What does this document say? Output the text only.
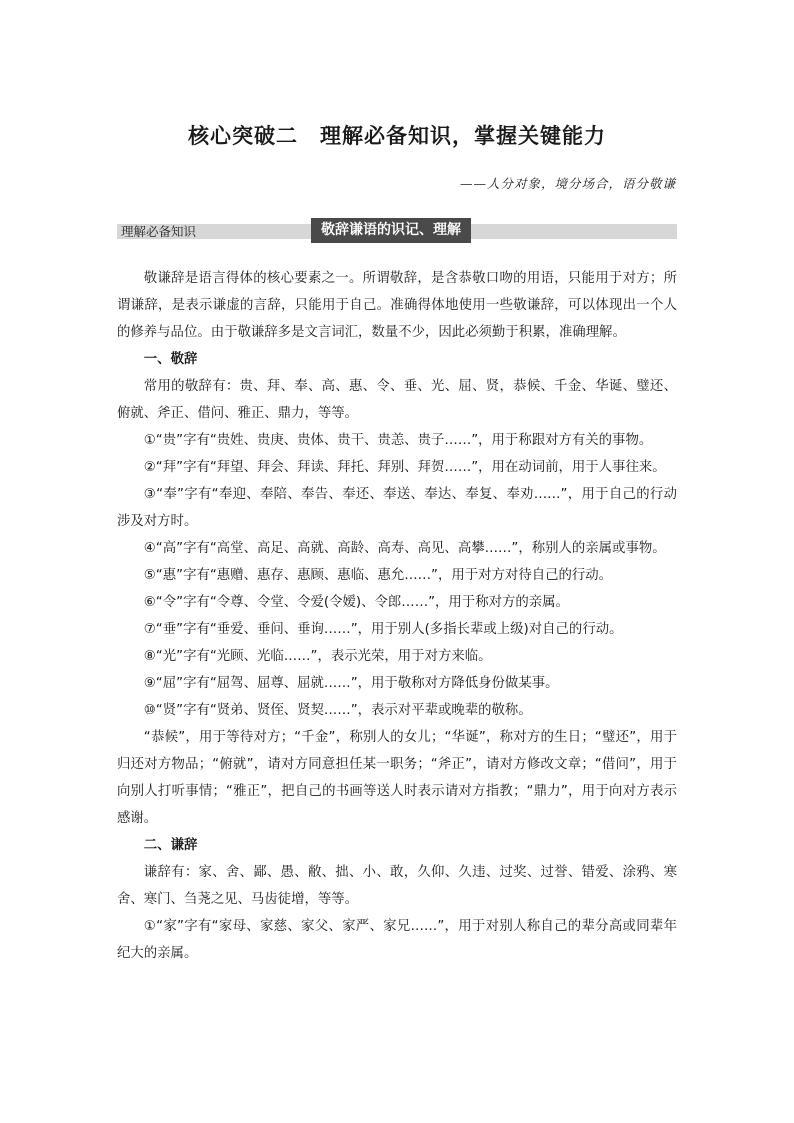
核心突破二　理解必备知识，掌握关键能力
——人分对象，境分场合，语分敬谦
理解必备知识	敬辞谦语的识记、理解

敬谦辞是语言得体的核心要素之一。所谓敬辞，是含恭敬口吻的用语，只能用于对方；所谓谦辞，是表示谦虚的言辞，只能用于自己。准确得体地使用一些敬谦辞，可以体现出一个人的修养与品位。由于敬谦辞多是文言词汇，数量不少，因此必须勤于积累，准确理解。

一、敬辞

常用的敬辞有：贵、拜、奉、高、惠、令、垂、光、屈、贤，恭候、千金、华诞、璧还、俯就、斧正、借问、雅正、鼎力，等等。

①“贵”字有“贵姓、贵庚、贵体、贵干、贵恙、贵子……”，用于称跟对方有关的事物。

②“拜”字有“拜望、拜会、拜读、拜托、拜别、拜贺……”，用在动词前，用于人事往来。

③“奉”字有“奉迎、奉陪、奉告、奉还、奉送、奉达、奉复、奉劝……”，用于自己的行动涉及对方时。

④“高”字有“高堂、高足、高就、高龄、高寿、高见、高攀……”，称别人的亲属或事物。

⑤“惠”字有“惠赠、惠存、惠顾、惠临、惠允……”，用于对方对待自己的行动。

⑥“令”字有“令尊、令堂、令爱(令嫒)、令郎……”，用于称对方的亲属。

⑦“垂”字有“垂爱、垂问、垂询……”，用于别人(多指长辈或上级)对自己的行动。

⑧“光”字有“光顾、光临……”，表示光荣，用于对方来临。

⑨“屈”字有“屈驾、屈尊、屈就……”，用于敬称对方降低身份做某事。

⑩“贤”字有“贤弟、贤侄、贤契……”，表示对平辈或晚辈的敬称。

“恭候”，用于等待对方；“千金”，称别人的女儿；“华诞”，称对方的生日；“璧还”，用于归还对方物品；“俯就”，请对方同意担任某一职务；“斧正”，请对方修改文章；“借问”，用于向别人打听事情；“雅正”，把自己的书画等送人时表示请对方指教；“鼎力”，用于向对方表示感谢。

二、谦辞

谦辞有：家、舍、鄙、愚、敝、拙、小、敢，久仰、久违、过奖、过誉、错爱、涂鸦、寒舍、寒门、刍荛之见、马齿徒增，等等。

①“家”字有“家母、家慈、家父、家严、家兄……”，用于对别人称自己的辈分高或同辈年纪大的亲属。
